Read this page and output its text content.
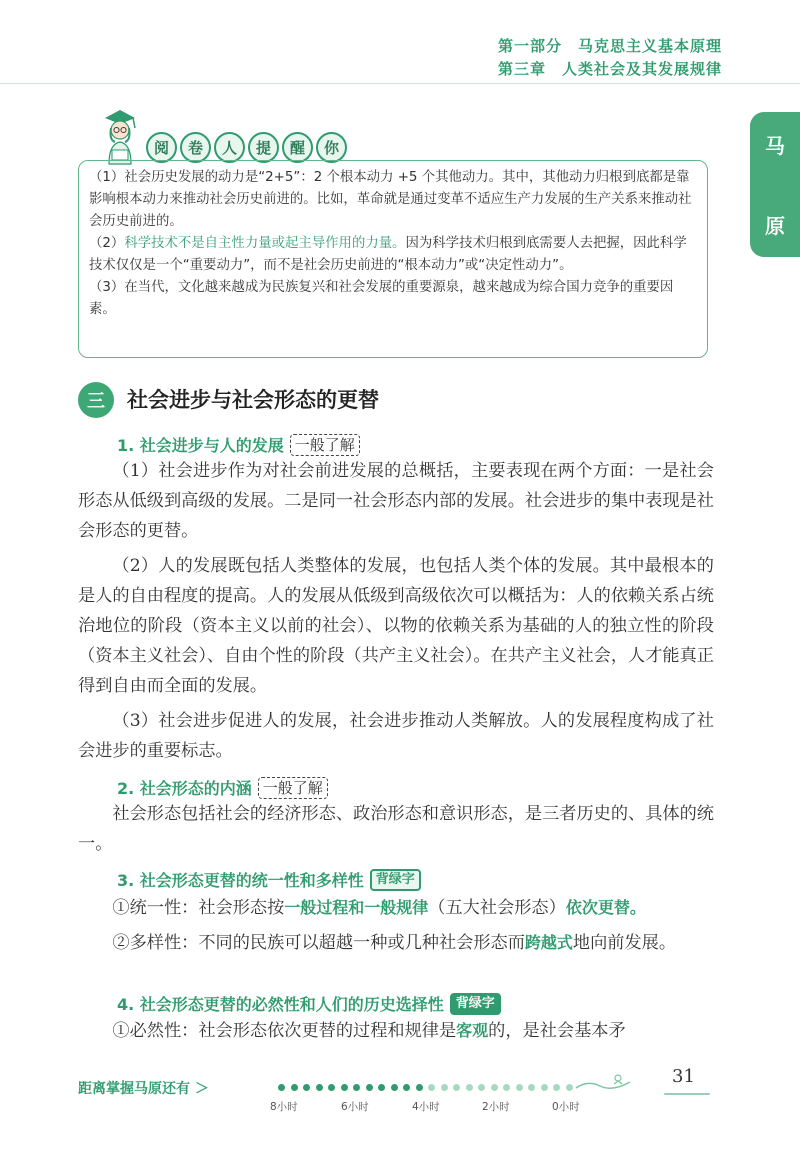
第一部分　马克思主义基本原理
第三章　人类社会及其发展规律
马
原
阅	卷	人	提	醒	你

（1）社会历史发展的动力是“2+5”：2 个根本动力 +5 个其他动力。其中，其他动力归根到底都是靠影响根本动力来推动社会历史前进的。比如，革命就是通过变革不适应生产力发展的生产关系来推动社会历史前进的。

（2）科学技术不是自主性力量或起主导作用的力量。因为科学技术归根到底需要人去把握，因此科学技术仅仅是一个“重要动力”，而不是社会历史前进的“根本动力”或“决定性动力”。

（3）在当代，文化越来越成为民族复兴和社会发展的重要源泉，越来越成为综合国力竞争的重要因素。

三	社会进步与社会形态的更替
1. 社会进步与人的发展 一般了解

（1）社会进步作为对社会前进发展的总概括，主要表现在两个方面：一是社会形态从低级到高级的发展。二是同一社会形态内部的发展。社会进步的集中表现是社会形态的更替。

（2）人的发展既包括人类整体的发展，也包括人类个体的发展。其中最根本的是人的自由程度的提高。人的发展从低级到高级依次可以概括为：人的依赖关系占统治地位的阶段（资本主义以前的社会）、以物的依赖关系为基础的人的独立性的阶段（资本主义社会）、自由个性的阶段（共产主义社会）。在共产主义社会，人才能真正得到自由而全面的发展。

（3）社会进步促进人的发展，社会进步推动人类解放。人的发展程度构成了社会进步的重要标志。

2. 社会形态的内涵 一般了解

社会形态包括社会的经济形态、政治形态和意识形态，是三者历史的、具体的统一。

3. 社会形态更替的统一性和多样性 背绿字

①统一性：社会形态按一般过程和一般规律（五大社会形态）依次更替。

②多样性：不同的民族可以超越一种或几种社会形态而跨越式地向前发展。

4. 社会形态更替的必然性和人们的历史选择性 背绿字

①必然性：社会形态依次更替的过程和规律是客观的，是社会基本矛

距离掌握马原还有 ＞
8小时	6小时	4小时	2小时	0小时
31
